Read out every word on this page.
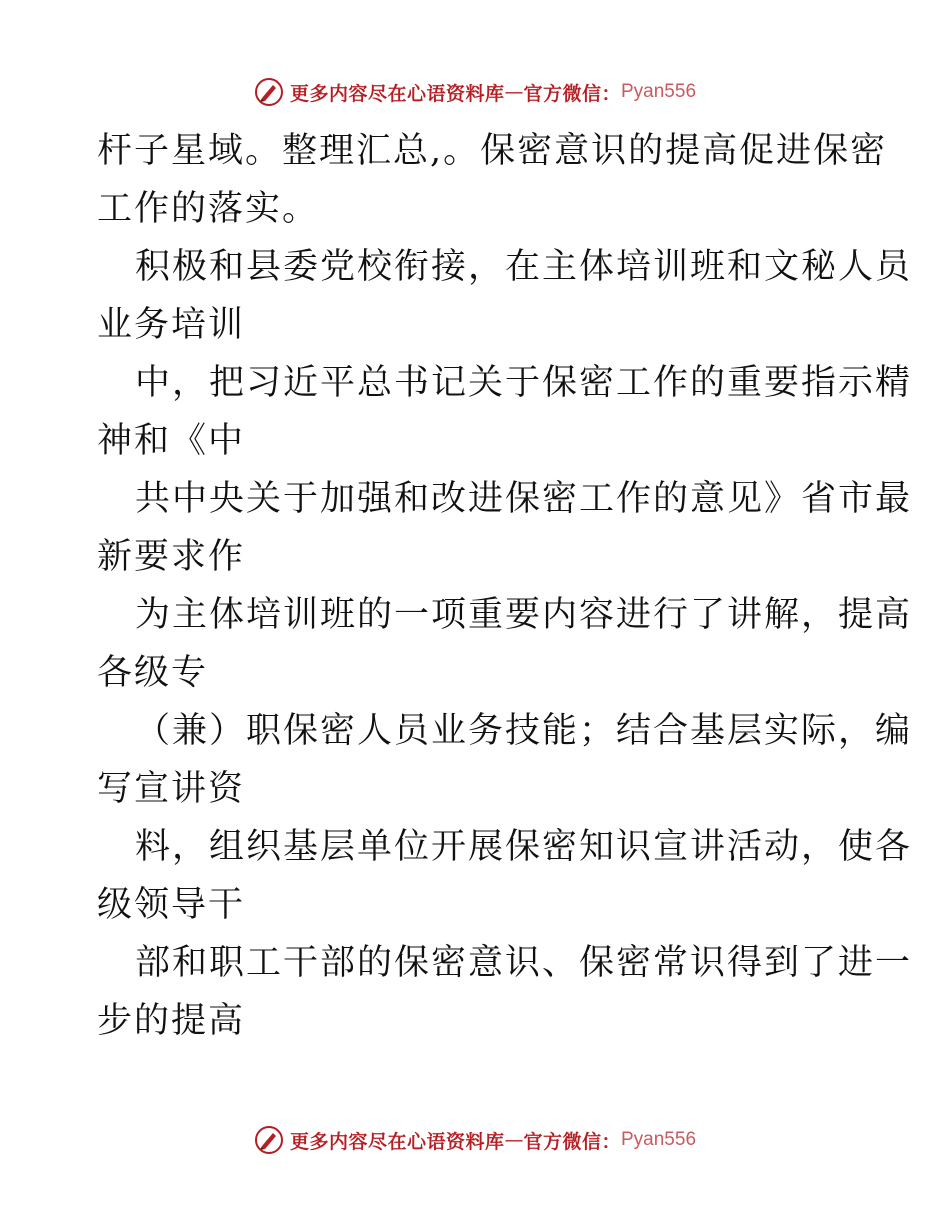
更多内容尽在心语资料库 — 官方微信： Pyan556
杆子星域。整理汇总,。保密意识的提高促进保密
工作的落实。
积极和县委党校衔接，在主体培训班和文秘人员
业务培训
中，把习近平总书记关于保密工作的重要指示精
神和《中
共中央关于加强和改进保密工作的意见》省市最
新要求作
为主体培训班的一项重要内容进行了讲解，提高
各级专
（兼）职保密人员业务技能；结合基层实际，编
写宣讲资
料，组织基层单位开展保密知识宣讲活动，使各
级领导干
部和职工干部的保密意识、保密常识得到了进一
步的提高
更多内容尽在心语资料库 — 官方微信： Pyan556
